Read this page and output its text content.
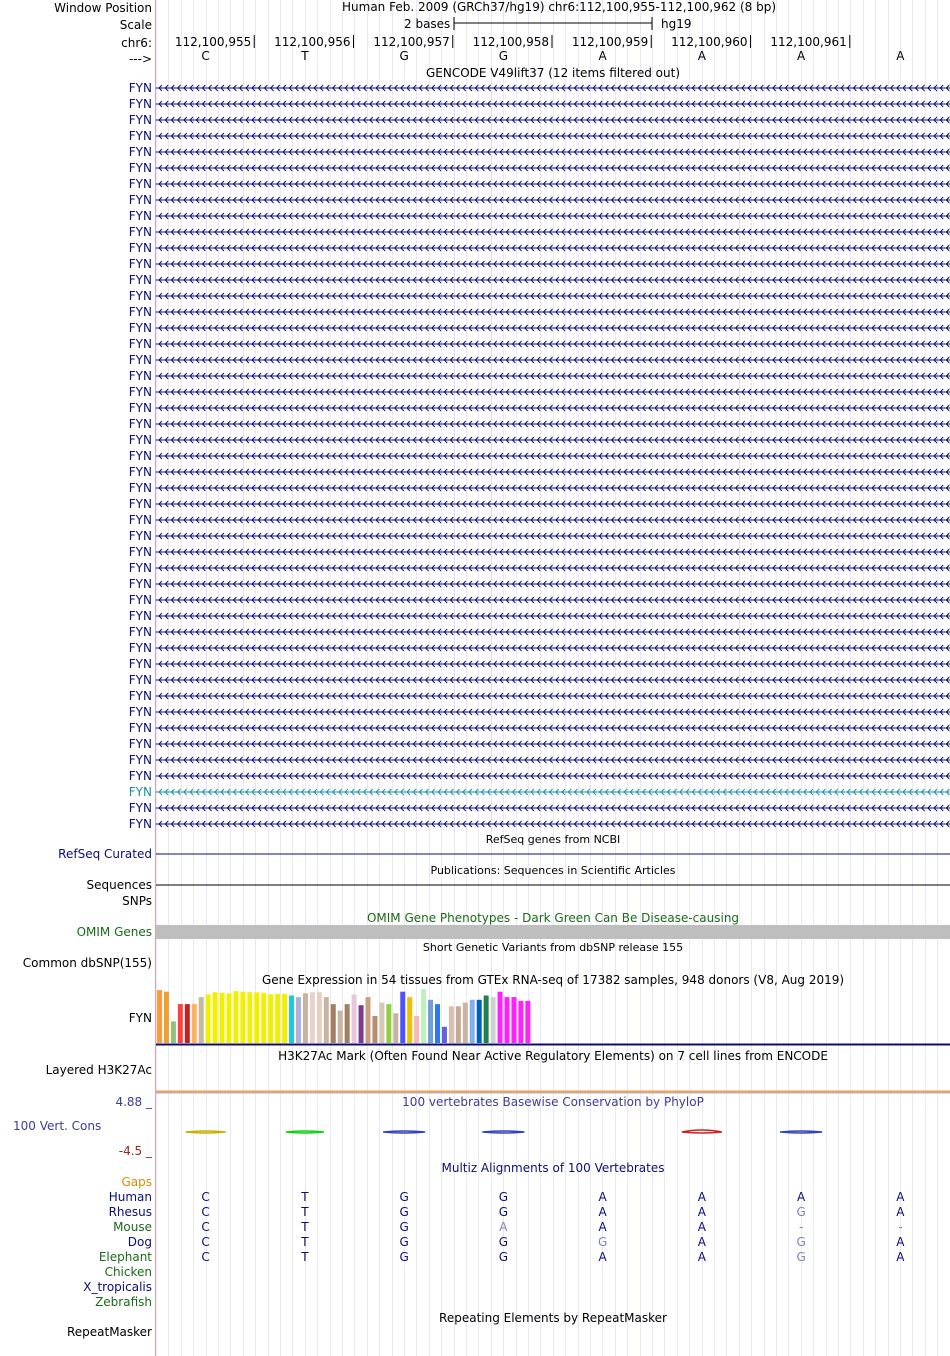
Window Position	Human Feb. 2009 (GRCh37/hg19) chr6:112,100,955-112,100,962 (8 bp)
Scale	2 bases	hg19
chr6: 112,100,955 112,100,956 112,100,957 112,100,958 112,100,959 112,100,960 112,100,961
--->	C	T	G	G	A	A	A	A
GENCODE V49lift37 (12 items filtered out)
FYN
FYN
FYN
FYN
FYN
FYN
FYN
FYN
FYN
FYN
FYN
FYN
FYN
FYN
FYN
FYN
FYN
FYN
FYN
FYN
FYN
FYN
FYN
FYN
FYN
FYN
FYN
FYN
FYN
FYN
FYN
FYN
FYN
FYN
FYN
FYN
FYN
FYN
FYN
FYN
FYN
FYN
FYN
FYN
FYN
FYN
FYN
RefSeq genes from NCBI
RefSeq Curated
Publications: Sequences in Scientific Articles
Sequences
SNPs
OMIM Gene Phenotypes - Dark Green Can Be Disease-causing
OMIM Genes
Short Genetic Variants from dbSNP release 155
Common dbSNP(155)
Gene Expression in 54 tissues from GTEx RNA-seq of 17382 samples, 948 donors (V8, Aug 2019)
FYN
H3K27Ac Mark (Often Found Near Active Regulatory Elements) on 7 cell lines from ENCODE
Layered H3K27Ac
4.88 _	100 vertebrates Basewise Conservation by PhyloP
100 Vert. Cons
-4.5 _
Multiz Alignments of 100 Vertebrates
Gaps
Human	C	T	G	G	A	A	A	A
Rhesus	C	T	G	G	A	A	G	A
Mouse	C	T	G	A	A	A	-	-
Dog	C	T	G	G	G	A	G	A
Elephant	C	T	G	G	A	A	G	A
Chicken
X_tropicalis
Zebrafish
Repeating Elements by RepeatMasker
RepeatMasker
